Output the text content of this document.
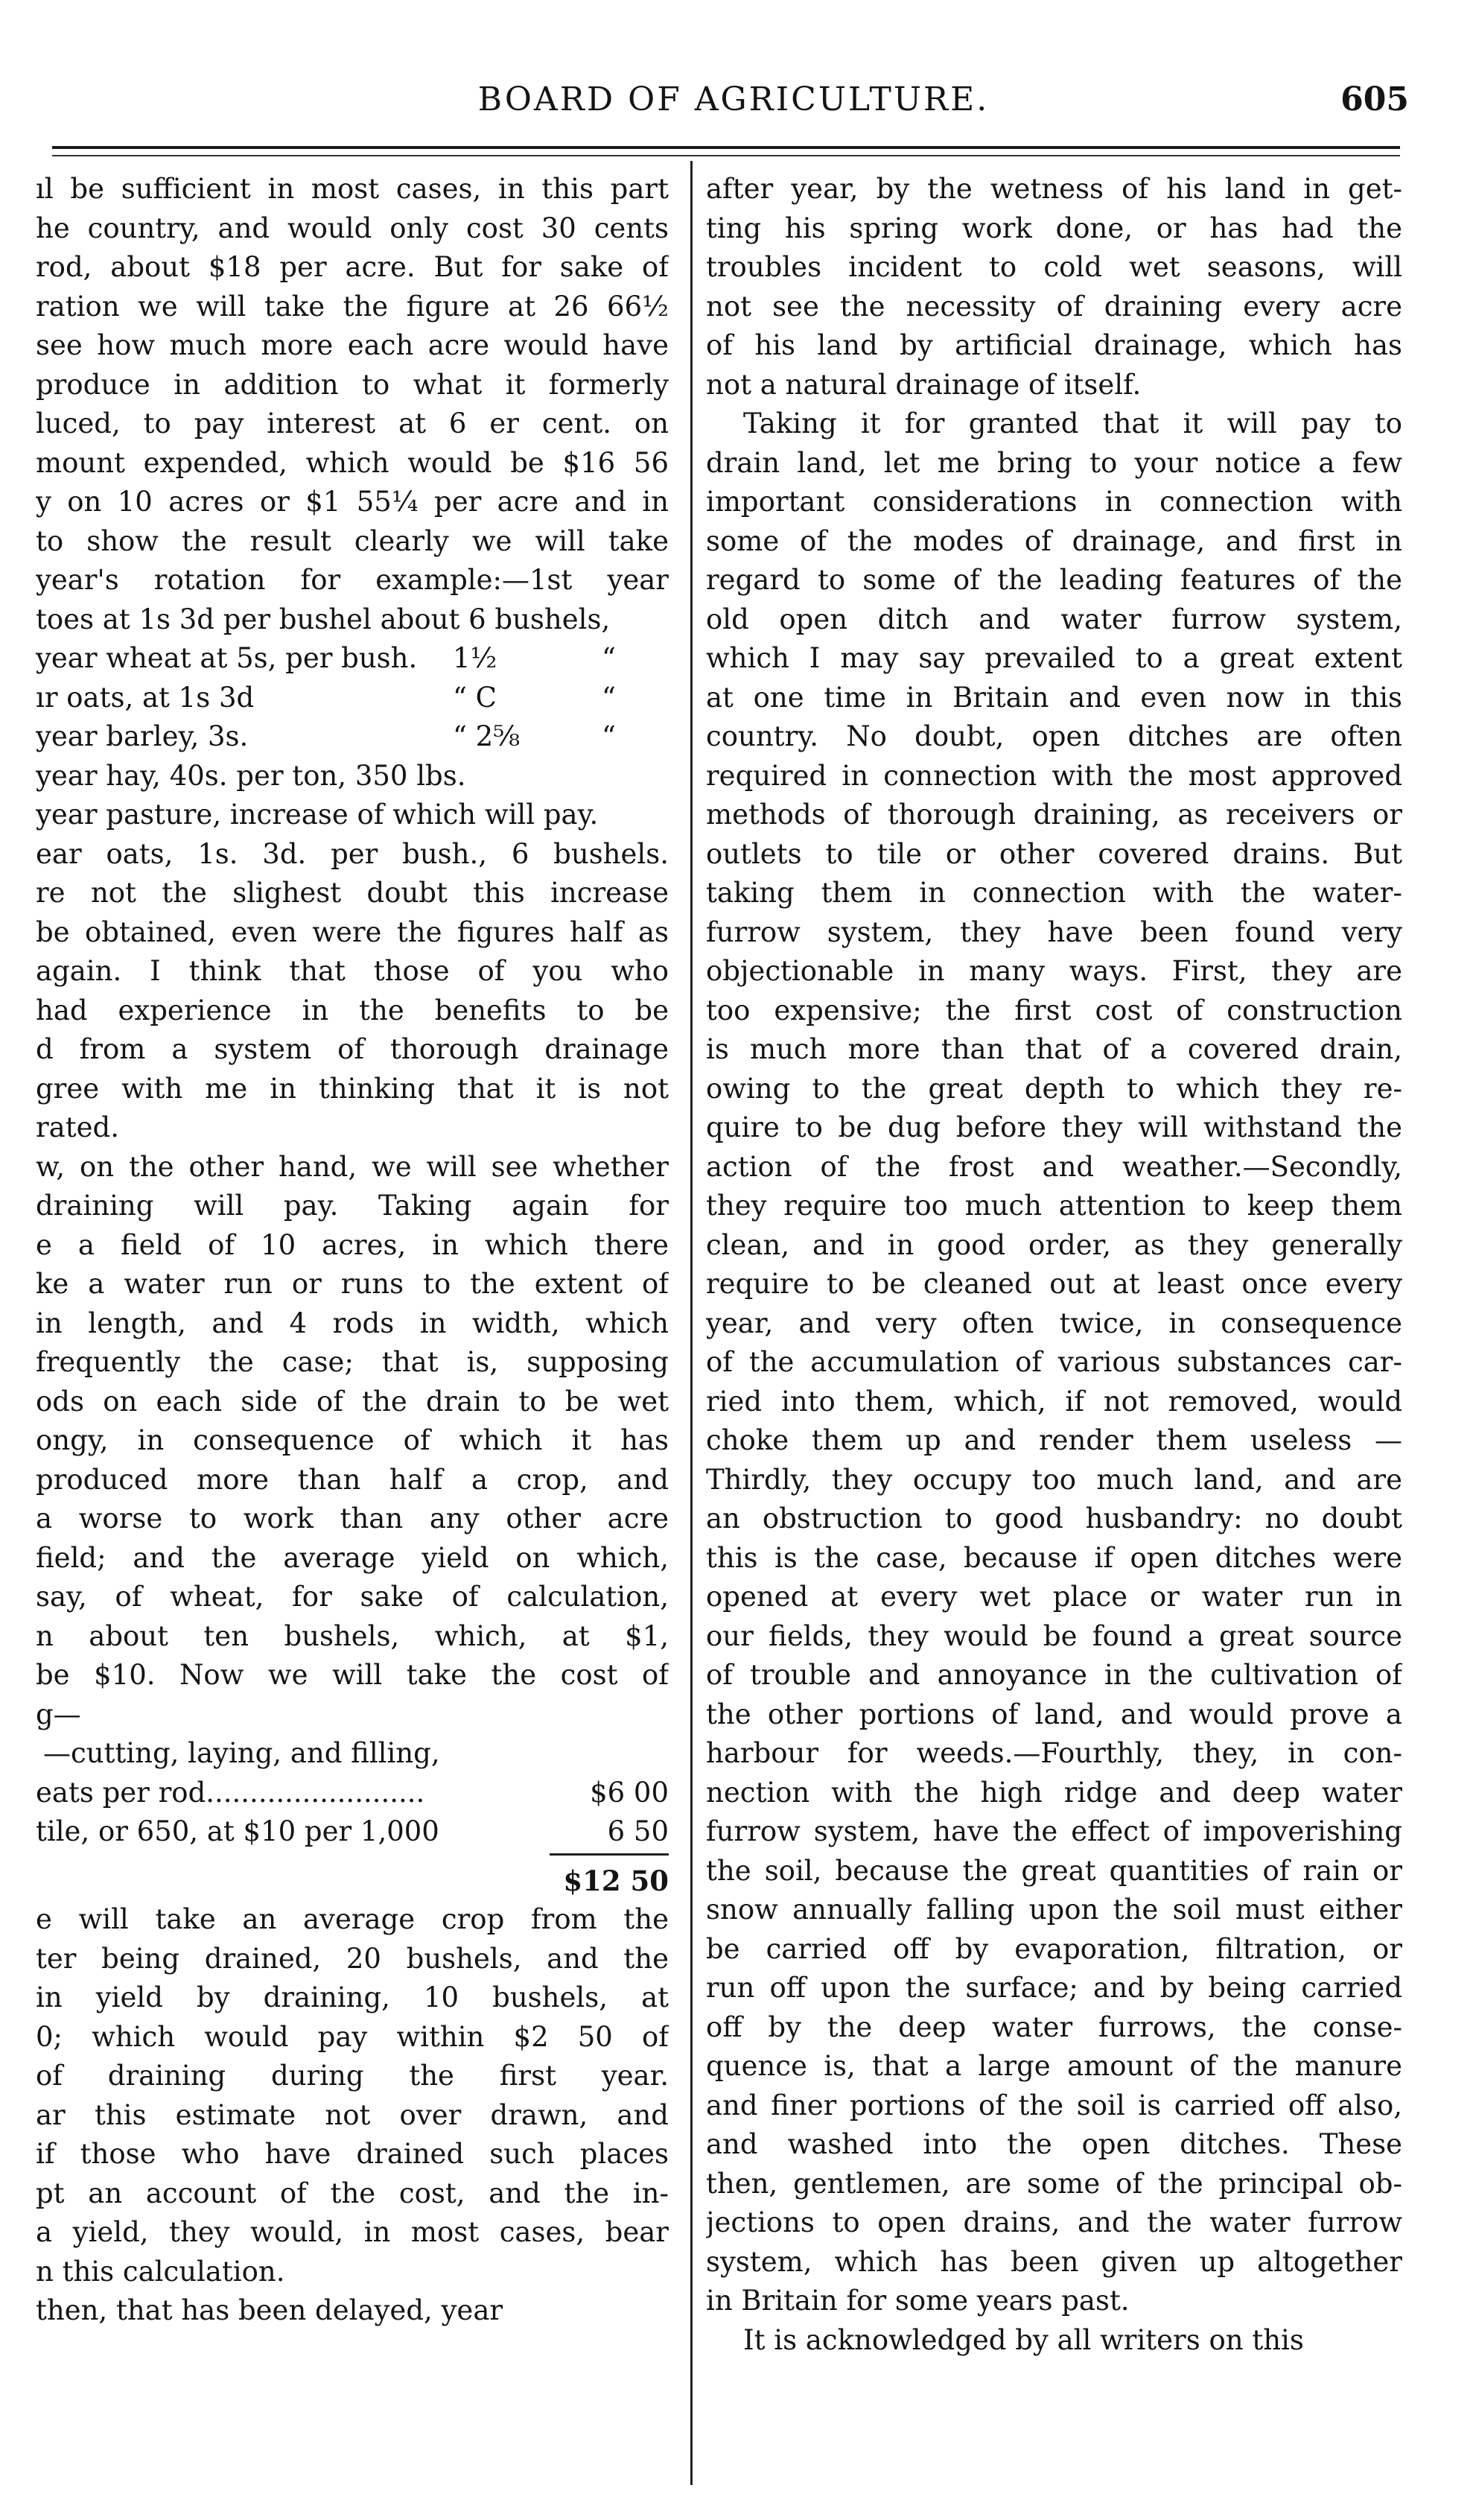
BOARD OF AGRICULTURE.	605
ıl be sufficient in most cases, in this part
he country, and would only cost 30 cents
rod, about $18 per acre. But for sake of
ration we will take the figure at 26 66½
see how much more each acre would have
produce in addition to what it formerly
luced, to pay interest at 6 er cent. on
mount expended, which would be $16 56
y on 10 acres or $1 55¼ per acre and in
to show the result clearly we will take
year's rotation for example:—1st year
toes at 1s 3d per bushel about 6 bushels,
year wheat at 5s, per bush.	1½	“
ır oats, at 1s 3d	“ C	“
year barley, 3s.	“ 2⅝	“
year hay, 40s. per ton, 350 lbs.
year pasture, increase of which will pay.
ear oats, 1s. 3d. per bush., 6 bushels.
re not the slighest doubt this increase
be obtained, even were the figures half as
again. I think that those of you who
had experience in the benefits to be
d from a system of thorough drainage
gree with me in thinking that it is not
rated.
w, on the other hand, we will see whether
draining will pay. Taking again for
e a field of 10 acres, in which there
ke a water run or runs to the extent of
in length, and 4 rods in width, which
frequently the case; that is, supposing
ods on each side of the drain to be wet
ongy, in consequence of which it has
produced more than half a crop, and
a worse to work than any other acre
field; and the average yield on which,
say, of wheat, for sake of calculation,
n about ten bushels, which, at $1,
be $10. Now we will take the cost of
g—
—cutting, laying, and filling,
eats per rod.........................	$6 00
tile, or 650, at $10 per 1,000	6 50
$12 50
e will take an average crop from the
ter being drained, 20 bushels, and the
in yield by draining, 10 bushels, at
0; which would pay within $2 50 of
of draining during the first year.
ar this estimate not over drawn, and
if those who have drained such places
pt an account of the cost, and the in-
a yield, they would, in most cases, bear
n this calculation.
then, that has been delayed, year
after year, by the wetness of his land in get-
ting his spring work done, or has had the
troubles incident to cold wet seasons, will
not see the necessity of draining every acre
of his land by artificial drainage, which has
not a natural drainage of itself.
Taking it for granted that it will pay to
drain land, let me bring to your notice a few
important considerations in connection with
some of the modes of drainage, and first in
regard to some of the leading features of the
old open ditch and water furrow system,
which I may say prevailed to a great extent
at one time in Britain and even now in this
country. No doubt, open ditches are often
required in connection with the most approved
methods of thorough draining, as receivers or
outlets to tile or other covered drains. But
taking them in connection with the water-
furrow system, they have been found very
objectionable in many ways. First, they are
too expensive; the first cost of construction
is much more than that of a covered drain,
owing to the great depth to which they re-
quire to be dug before they will withstand the
action of the frost and weather.—Secondly,
they require too much attention to keep them
clean, and in good order, as they generally
require to be cleaned out at least once every
year, and very often twice, in consequence
of the accumulation of various substances car-
ried into them, which, if not removed, would
choke them up and render them useless —
Thirdly, they occupy too much land, and are
an obstruction to good husbandry: no doubt
this is the case, because if open ditches were
opened at every wet place or water run in
our fields, they would be found a great source
of trouble and annoyance in the cultivation of
the other portions of land, and would prove a
harbour for weeds.—Fourthly, they, in con-
nection with the high ridge and deep water
furrow system, have the effect of impoverishing
the soil, because the great quantities of rain or
snow annually falling upon the soil must either
be carried off by evaporation, filtration, or
run off upon the surface; and by being carried
off by the deep water furrows, the conse-
quence is, that a large amount of the manure
and finer portions of the soil is carried off also,
and washed into the open ditches. These
then, gentlemen, are some of the principal ob-
jections to open drains, and the water furrow
system, which has been given up altogether
in Britain for some years past.
It is acknowledged by all writers on this
